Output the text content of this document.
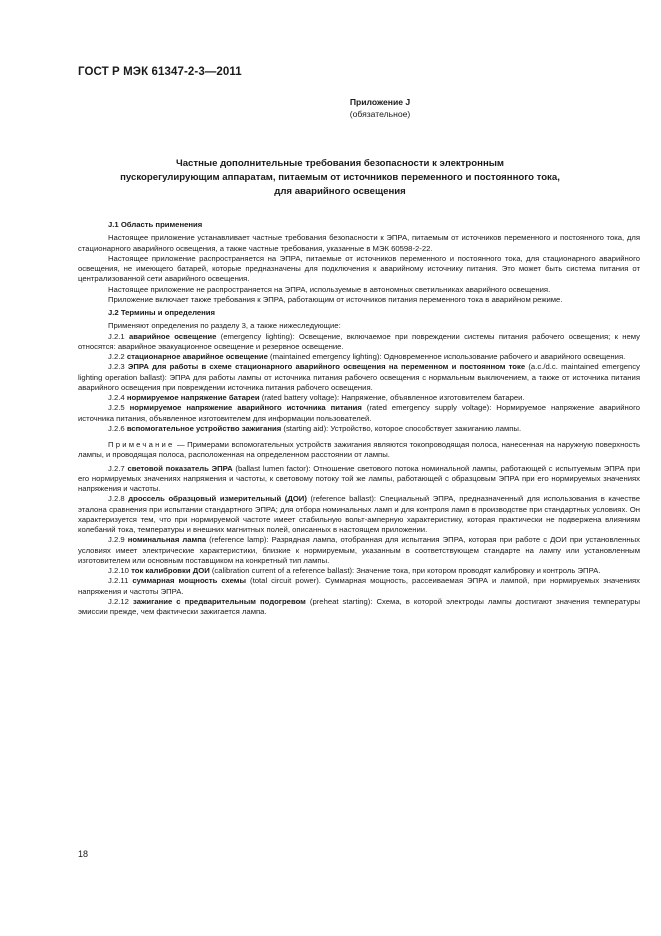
ГОСТ Р МЭК 61347-2-3—2011
Приложение J
(обязательное)
Частные дополнительные требования безопасности к электронным
пускорегулирующим аппаратам, питаемым от источников переменного и постоянного тока,
для аварийного освещения

J.1 Область применения

Настоящее приложение устанавливает частные требования безопасности к ЭПРА, питаемым от источников переменного и постоянного тока, для стационарного аварийного освещения, а также частные требования, указанные в МЭК 60598-2-22.

Настоящее приложение распространяется на ЭПРА, питаемые от источников переменного и постоянного тока, для стационарного аварийного освещения, не имеющего батарей, которые предназначены для подключения к аварийному источнику питания. Это может быть система питания от централизованной сети аварийного освещения.

Настоящее приложение не распространяется на ЭПРА, используемые в автономных светильниках аварийного освещения.

Приложение включает также требования к ЭПРА, работающим от источников питания переменного тока в аварийном режиме.

J.2 Термины и определения

Применяют определения по разделу 3, а также нижеследующие:

J.2.1 аварийное освещение (emergency lighting): Освещение, включаемое при повреждении системы питания рабочего освещения; к нему относятся: аварийное эвакуационное освещение и резервное освещение.

J.2.2 стационарное аварийное освещение (maintained emergency lighting): Одновременное использование рабочего и аварийного освещения.

J.2.3 ЭПРА для работы в схеме стационарного аварийного освещения на переменном и постоянном токе (a.c./d.c. maintained emergency lighting operation ballast): ЭПРА для работы лампы от источника питания рабочего освещения с нормальным выключением, а также от источника питания аварийного освещения при повреждении источника питания рабочего освещения.

J.2.4 нормируемое напряжение батареи (rated battery voltage): Напряжение, объявленное изготовителем батареи.

J.2.5 нормируемое напряжение аварийного источника питания (rated emergency supply voltage): Нормируемое напряжение аварийного источника питания, объявленное изготовителем для информации пользователей.

J.2.6 вспомогательное устройство зажигания (starting aid): Устройство, которое способствует зажиганию лампы.

Примечание — Примерами вспомогательных устройств зажигания являются токопроводящая полоса, нанесенная на наружную поверхность лампы, и проводящая полоса, расположенная на определенном расстоянии от лампы.

J.2.7 световой показатель ЭПРА (ballast lumen factor): Отношение светового потока номинальной лампы, работающей с испытуемым ЭПРА при его нормируемых значениях напряжения и частоты, к световому потоку той же лампы, работающей с образцовым ЭПРА при его нормируемых значениях напряжения и частоты.

J.2.8 дроссель образцовый измерительный (ДОИ) (reference ballast): Специальный ЭПРА, предназначенный для использования в качестве эталона сравнения при испытании стандартного ЭПРА; для отбора номинальных ламп и для контроля ламп в производстве при стандартных условиях. Он характеризуется тем, что при нормируемой частоте имеет стабильную вольт-амперную характеристику, которая практически не подвержена влияниям колебаний тока, температуры и внешних магнитных полей, описанных в настоящем приложении.

J.2.9 номинальная лампа (reference lamp): Разрядная лампа, отобранная для испытания ЭПРА, которая при работе с ДОИ при установленных условиях имеет электрические характеристики, близкие к нормируемым, указанным в соответствующем стандарте на лампу или установленным изготовителем или основным поставщиком на конкретный тип лампы.

J.2.10 ток калибровки ДОИ (calibration current of a reference ballast): Значение тока, при котором проводят калибровку и контроль ЭПРА.

J.2.11 суммарная мощность схемы (total circuit power). Суммарная мощность, рассеиваемая ЭПРА и лампой, при нормируемых значениях напряжения и частоты ЭПРА.

J.2.12 зажигание с предварительным подогревом (preheat starting): Схема, в которой электроды лампы достигают значения температуры эмиссии прежде, чем фактически зажигается лампа.

18
